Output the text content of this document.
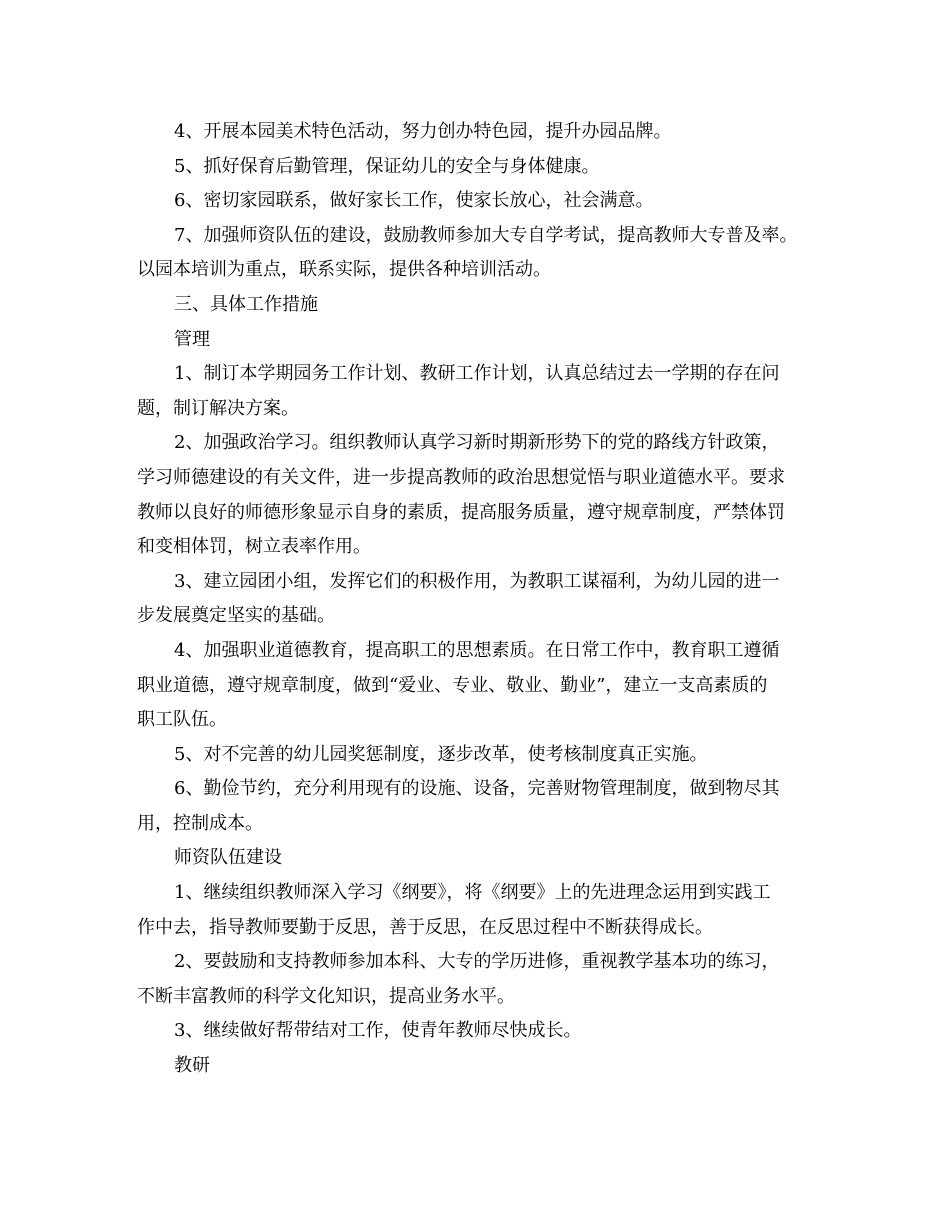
4、开展本园美术特色活动，努力创办特色园，提升办园品牌。
5、抓好保育后勤管理，保证幼儿的安全与身体健康。
6、密切家园联系，做好家长工作，使家长放心，社会满意。
7、加强师资队伍的建设，鼓励教师参加大专自学考试，提高教师大专普及率。
以园本培训为重点，联系实际，提供各种培训活动。
三、具体工作措施
管理
1、制订本学期园务工作计划、教研工作计划，认真总结过去一学期的存在问
题，制订解决方案。
2、加强政治学习。组织教师认真学习新时期新形势下的党的路线方针政策，
学习师德建设的有关文件，进一步提高教师的政治思想觉悟与职业道德水平。要求
教师以良好的师德形象显示自身的素质，提高服务质量，遵守规章制度，严禁体罚
和变相体罚，树立表率作用。
3、建立园团小组，发挥它们的积极作用，为教职工谋福利，为幼儿园的进一
步发展奠定坚实的基础。
4、加强职业道德教育，提高职工的思想素质。在日常工作中，教育职工遵循
职业道德，遵守规章制度，做到“爱业、专业、敬业、勤业”，建立一支高素质的
职工队伍。
5、对不完善的幼儿园奖惩制度，逐步改革，使考核制度真正实施。
6、勤俭节约，充分利用现有的设施、设备，完善财物管理制度，做到物尽其
用，控制成本。
师资队伍建设
1、继续组织教师深入学习《纲要》，将《纲要》上的先进理念运用到实践工
作中去，指导教师要勤于反思，善于反思，在反思过程中不断获得成长。
2、要鼓励和支持教师参加本科、大专的学历进修，重视教学基本功的练习，
不断丰富教师的科学文化知识，提高业务水平。
3、继续做好帮带结对工作，使青年教师尽快成长。
教研
